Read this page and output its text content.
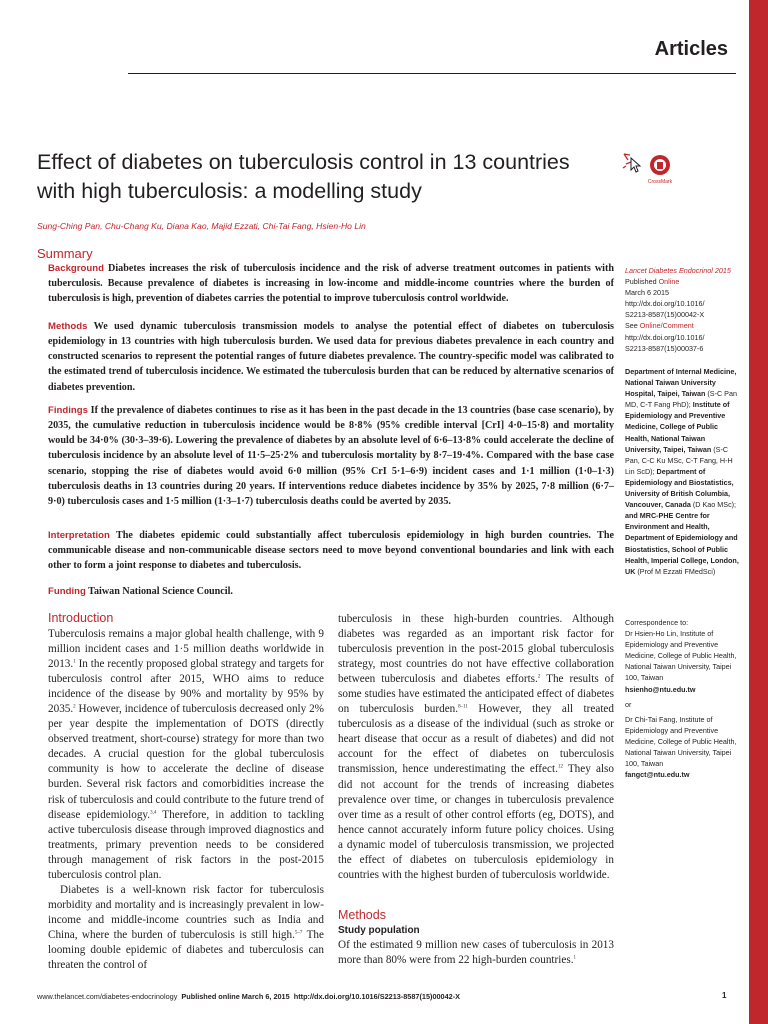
Articles
Effect of diabetes on tuberculosis control in 13 countries
with high tuberculosis: a modelling study	CrossMark
Sung-Ching Pan, Chu-Chang Ku, Diana Kao, Majid Ezzati, Chi-Tai Fang, Hsien-Ho Lin
Summary
Background Diabetes increases the risk of tuberculosis incidence and the risk of adverse treatment outcomes in patients with tuberculosis. Because prevalence of diabetes is increasing in low-income and middle-income countries where the burden of tuberculosis is high, prevention of diabetes carries the potential to improve tuberculosis control worldwide.
Methods We used dynamic tuberculosis transmission models to analyse the potential effect of diabetes on tuberculosis epidemiology in 13 countries with high tuberculosis burden. We used data for previous diabetes prevalence in each country and constructed scenarios to represent the potential ranges of future diabetes prevalence. The country-specific model was calibrated to the estimated trend of tuberculosis incidence. We estimated the tuberculosis burden that can be reduced by alternative scenarios of diabetes prevention.
Findings If the prevalence of diabetes continues to rise as it has been in the past decade in the 13 countries (base case scenario), by 2035, the cumulative reduction in tuberculosis incidence would be 8·8% (95% credible interval [CrI] 4·0–15·8) and mortality would be 34·0% (30·3–39·6). Lowering the prevalence of diabetes by an absolute level of 6·6–13·8% could accelerate the decline of tuberculosis incidence by an absolute level of 11·5–25·2% and tuberculosis mortality by 8·7–19·4%. Compared with the base case scenario, stopping the rise of diabetes would avoid 6·0 million (95% CrI 5·1–6·9) incident cases and 1·1 million (1·0–1·3) tuberculosis deaths in 13 countries during 20 years. If interventions reduce diabetes incidence by 35% by 2025, 7·8 million (6·7–9·0) tuberculosis cases and 1·5 million (1·3–1·7) tuberculosis deaths could be averted by 2035.
Interpretation The diabetes epidemic could substantially affect tuberculosis epidemiology in high burden countries. The communicable disease and non-communicable disease sectors need to move beyond conventional boundaries and link with each other to form a joint response to diabetes and tuberculosis.
Funding Taiwan National Science Council.
Introduction

Tuberculosis remains a major global health challenge, with 9 million incident cases and 1·5 million deaths worldwide in 2013.$^1$ In the recently proposed global strategy and targets for tuberculosis control after 2015, WHO aims to reduce incidence of the disease by 90% and mortality by 95% by 2035.$^2$ However, incidence of tuberculosis decreased only 2% per year despite the implementation of DOTS (directly observed treatment, short-course) strategy for more than two decades. A crucial question for the global tuberculosis community is how to accelerate the decline of disease burden. Several risk factors and comorbidities increase the risk of tuberculosis and could contribute to the future trend of disease epidemiology.$^{3,4}$ Therefore, in addition to tackling active tuberculosis disease through improved diagnostics and treatments, primary prevention needs to be considered through management of risk factors in the post-2015 tuberculosis control plan.

Diabetes is a well-known risk factor for tuberculosis morbidity and mortality and is increasingly prevalent in low-income and middle-income countries such as India and China, where the burden of tuberculosis is still high.$^{5-7}$ The looming double epidemic of diabetes and tuberculosis can threaten the control of

tuberculosis in these high-burden countries. Although diabetes was regarded as an important risk factor for tuberculosis prevention in the post-2015 global tuberculosis strategy, most countries do not have effective collaboration between tuberculosis and diabetes efforts.$^2$ The results of some studies have estimated the anticipated effect of diabetes on tuberculosis burden.$^{8-11}$ However, they all treated tuberculosis as a disease of the individual (such as stroke or heart disease that occur as a result of diabetes) and did not account for the effect of diabetes on tuberculosis transmission, hence underestimating the effect.$^{12}$ They also did not account for the trends of increasing diabetes prevalence over time, or changes in tuberculosis prevalence over time as a result of other control efforts (eg, DOTS), and hence cannot accurately inform future policy choices. Using a dynamic model of tuberculosis transmission, we projected the effect of diabetes on tuberculosis epidemiology in countries with the highest burden of tuberculosis worldwide.

Methods
Study population

Of the estimated 9 million new cases of tuberculosis in 2013 more than 80% were from 22 high-burden countries.$^1$

Lancet Diabetes Endocrinol 2015
Published Online
March 6 2015
http://dx.doi.org/10.1016/
S2213-8587(15)00042-X
See Online/Comment
http://dx.doi.org/10.1016/
S2213-8587(15)00037-6
Department of Internal Medicine, National Taiwan University Hospital, Taipei, Taiwan (S-C Pan MD, C-T Fang PhD); Institute of Epidemiology and Preventive Medicine, College of Public Health, National Taiwan University, Taipei, Taiwan (S-C Pan, C-C Ku MSc, C-T Fang, H-H Lin ScD); Department of Epidemiology and Biostatistics, University of British Columbia, Vancouver, Canada (D Kao MSc); and MRC-PHE Centre for Environment and Health, Department of Epidemiology and Biostatistics, School of Public Health, Imperial College, London, UK (Prof M Ezzati FMedSci)
Correspondence to:
Dr Hsien-Ho Lin, Institute of Epidemiology and Preventive Medicine, College of Public Health, National Taiwan University, Taipei 100, Taiwan
hsienho@ntu.edu.tw
or
Dr Chi-Tai Fang, Institute of Epidemiology and Preventive Medicine, College of Public Health, National Taiwan University, Taipei 100, Taiwan
fangct@ntu.edu.tw
www.thelancet.com/diabetes-endocrinology Published online March 6, 2015 http://dx.doi.org/10.1016/S2213-8587(15)00042-X	1
